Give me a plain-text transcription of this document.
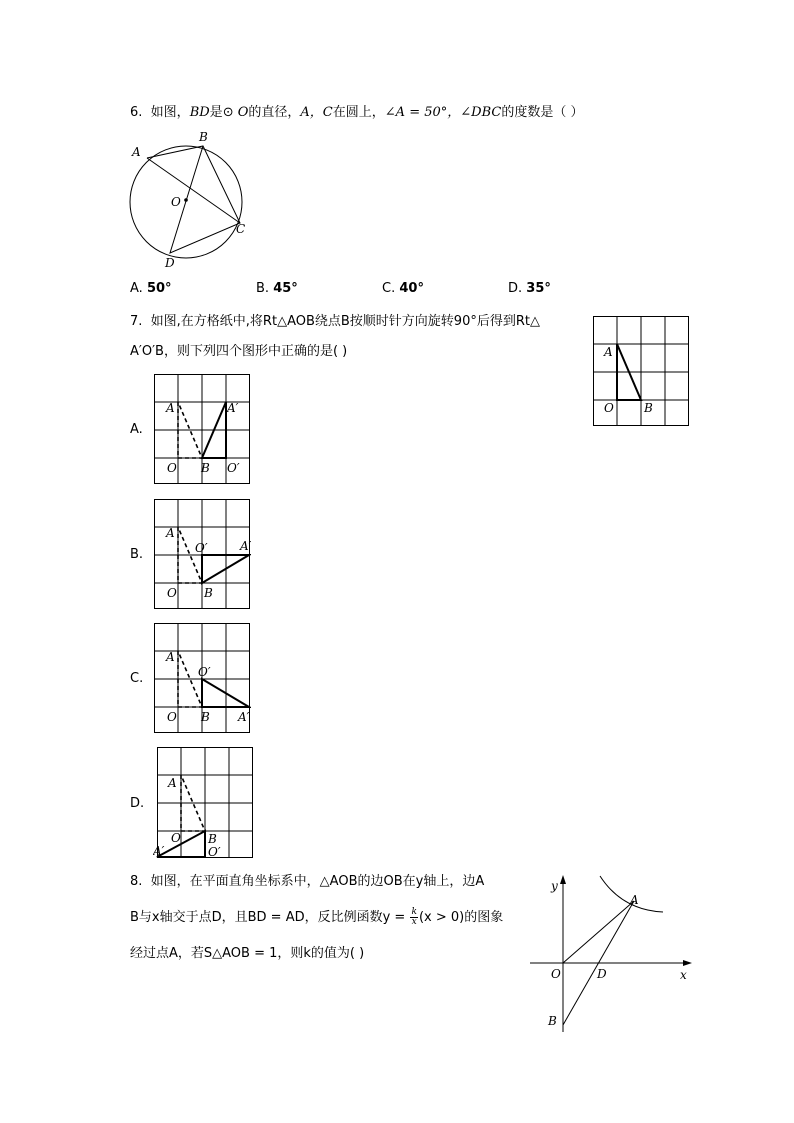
6. 如图，BD是⊙ O的直径，A，C在圆上，∠A = 50°，∠DBC的度数是（ ）
A
B
C
D
O
A. 50°	B. 45°	C. 40°	D. 35°
7. 如图,在方格纸中,将Rt△AOB绕点B按顺时针方向旋转90°后得到Rt△
A′O′B，则下列四个图形中正确的是( )	A
O	B
A.
A
O B
A′
O′
B.
A
O B
A′
O′
C.
A
O B A′
O′
D.
A
O B
O′
A′
8. 如图，在平面直角坐标系中，△AOB的边OB在y轴上，边A
B与x轴交于点D，且BD = AD，反比例函数$y = \frac{k}{x} (x > 0)$的图象
经过点A，若S△AOB = 1，则k的值为( )
y
x
A
O	D
B
